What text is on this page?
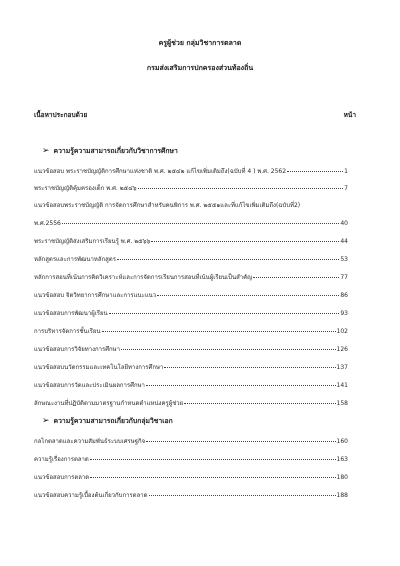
ครูผู้ช่วย กลุ่มวิชาการตลาด
กรมส่งเสริมการปกครองส่วนท้องถิ่น
เนื้อหาประกอบด้วย	หน้า
➢ ความรู้ความสามารถเกี่ยวกับวิชาการศึกษา
แนวข้อสอบ พระราชบัญญัติการศึกษาแห่งชาติ พ.ศ. ๒๕๔๒ แก้ไขเพิ่มเติมถึง(ฉบับที่ 4 ) พ.ศ. 2562	1
พระราชบัญญัติคุ้มครองเด็ก พ.ศ. ๒๕๔๖	7
แนวข้อสอบพระราชบัญญัติ การจัดการศึกษาสำหรับคนพิการ พ.ศ. ๒๕๕๑และที่แก้ไขเพิ่มเติมถึง(ฉบับที่2)
พ.ศ.2556	40
พระราชบัญญัติส่งเสริมการเรียนรู้ พ.ศ. ๒๕๖๖	44
หลักสูตรและการพัฒนาหลักสูตร	53
หลักการสอนที่เน้นการคิดวิเคราะห์และการจัดการเรียนการสอนที่เน้นผู้เรียนเป็นสำคัญ	77
แนวข้อสอบ จิตวิทยาการศึกษาและการแนะแนว	86
แนวข้อสอบการพัฒนาผู้เรียน	93
การบริหารจัดการชั้นเรียน	102
แนวข้อสอบการวิจัยทางการศึกษา	126
แนวข้อสอบนวัตกรรมและเทคโนโลยีทางการศึกษา	137
แนวข้อสอบการวัดและประเมินผลการศึกษา	141
ลักษณะงานที่ปฏิบัติตามมาตรฐานกำหนดตำแหน่งครูผู้ช่วย	158
➢ ความรู้ความสามารถเกี่ยวกับกลุ่มวิชาเอก
กลไกตลาดและความสัมพันธ์ระบบเศรษฐกิจ	160
ความรู้เรื่องการตลาด	163
แนวข้อสอบการตลาด	180
แนวข้อสอบความรู้เบื้องต้นเกี่ยวกับการตลาด	188
